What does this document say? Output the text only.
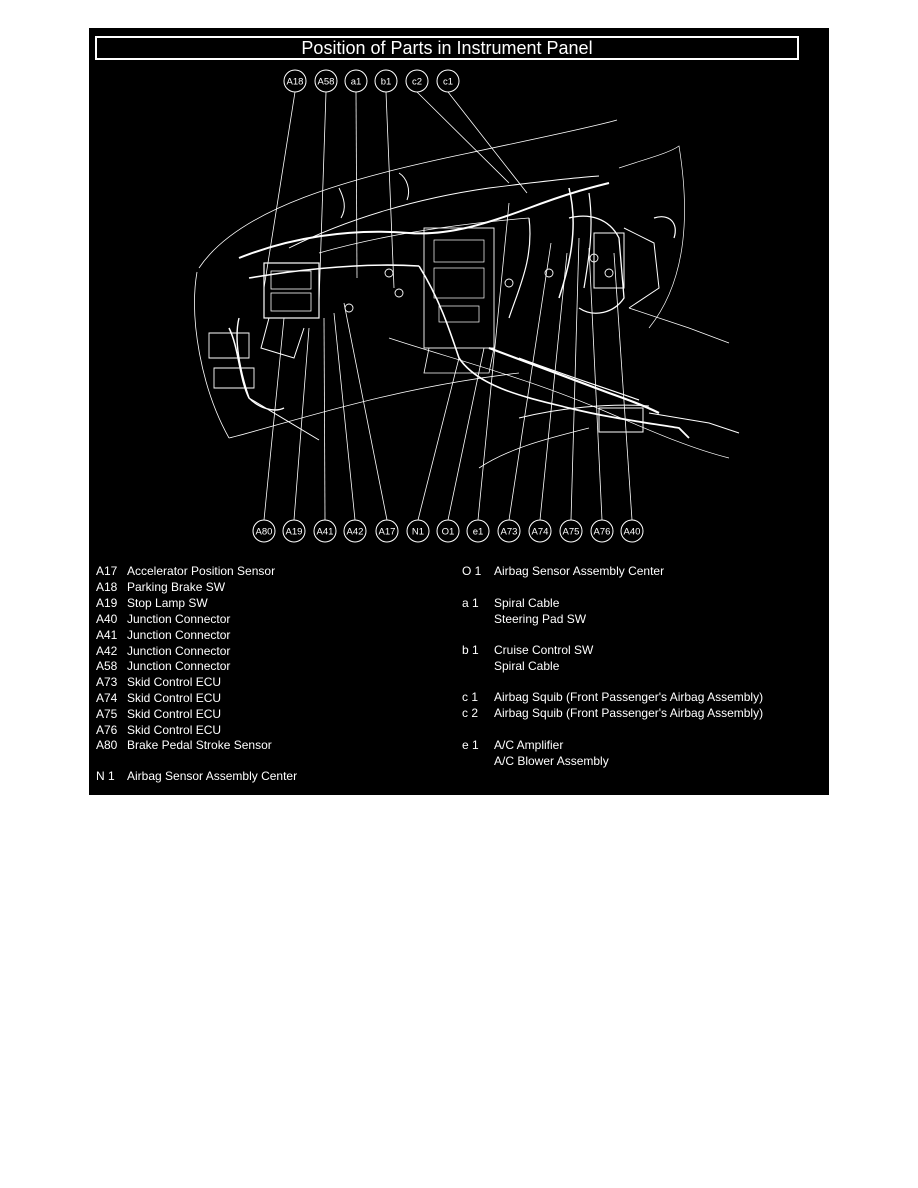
A18 A58 a1 b1 c2 c1
A80 A19 A41 A42 A17 N1 O1 e1 A73 A74 A75 A76 A40
Position of Parts in Instrument Panel
A17 Accelerator Position Sensor
A18 Parking Brake SW
A19 Stop Lamp SW
A40 Junction Connector
A41 Junction Connector
A42 Junction Connector
A58 Junction Connector
A73 Skid Control ECU
A74 Skid Control ECU
A75 Skid Control ECU
A76 Skid Control ECU
A80 Brake Pedal Stroke Sensor
N 1 Airbag Sensor Assembly Center
O 1 Airbag Sensor Assembly Center
a 1 Spiral Cable
Steering Pad SW
b 1 Cruise Control SW
Spiral Cable
c 1 Airbag Squib (Front Passenger's Airbag Assembly)
c 2 Airbag Squib (Front Passenger's Airbag Assembly)
e 1 A/C Amplifier
A/C Blower Assembly
